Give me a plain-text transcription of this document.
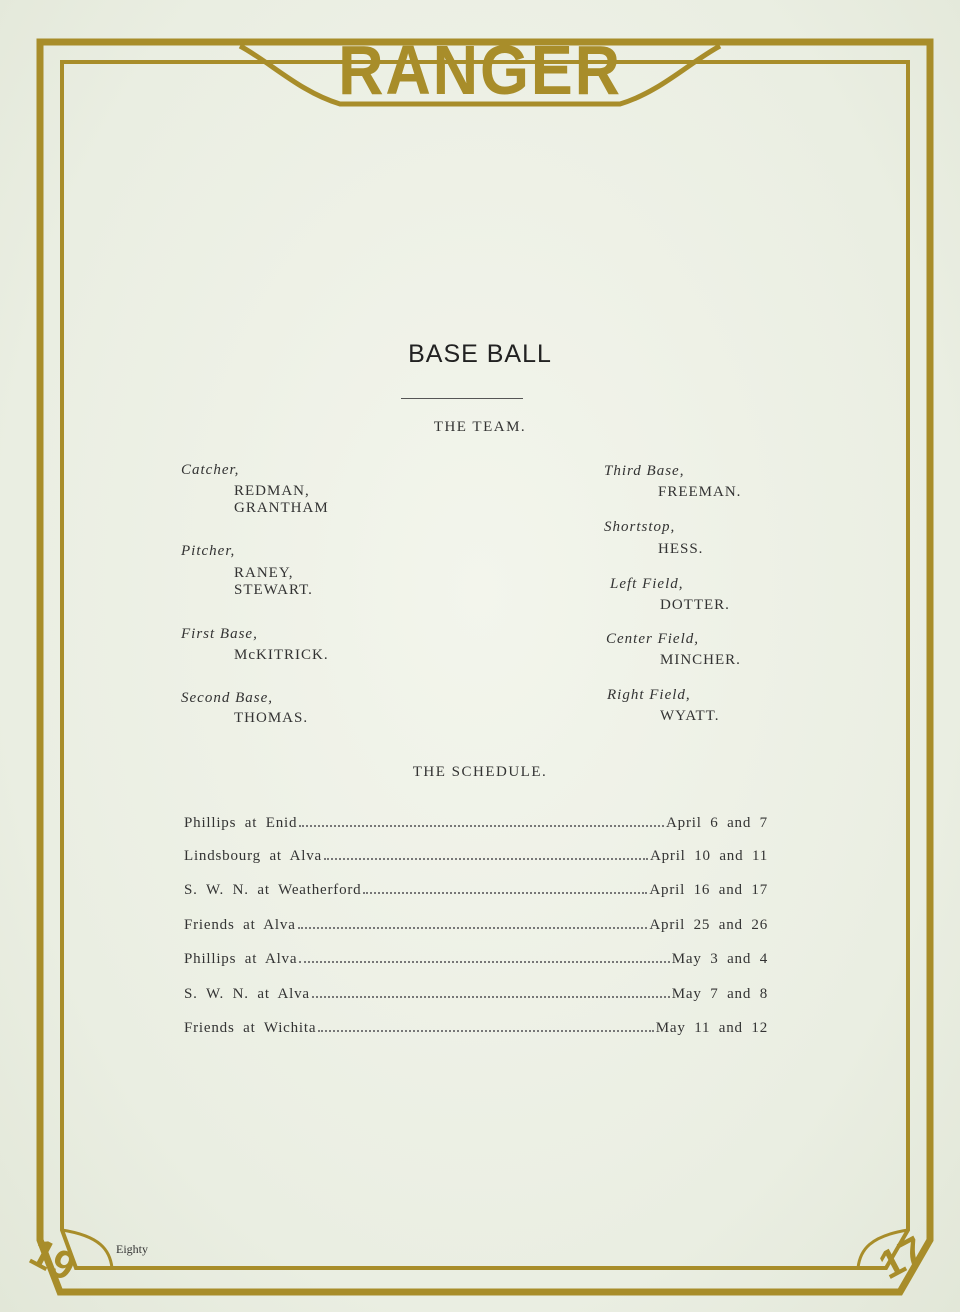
RANGER
19	17
Eighty
BASE BALL
THE TEAM.
Catcher,
REDMAN,
GRANTHAM
Pitcher,
RANEY,
STEWART.
First Base,
McKITRICK.
Second Base,
THOMAS.
Third Base,
FREEMAN.
Shortstop,
HESS.
Left Field,
DOTTER.
Center Field,
MINCHER.
Right Field,
WYATT.
THE SCHEDULE.
Phillips at Enid	April 6 and 7
Lindsbourg at Alva	April 10 and 11
S. W. N. at Weatherford	April 16 and 17
Friends at Alva	April 25 and 26
Phillips at Alva	May 3 and 4
S. W. N. at Alva	May 7 and 8
Friends at Wichita	May 11 and 12
